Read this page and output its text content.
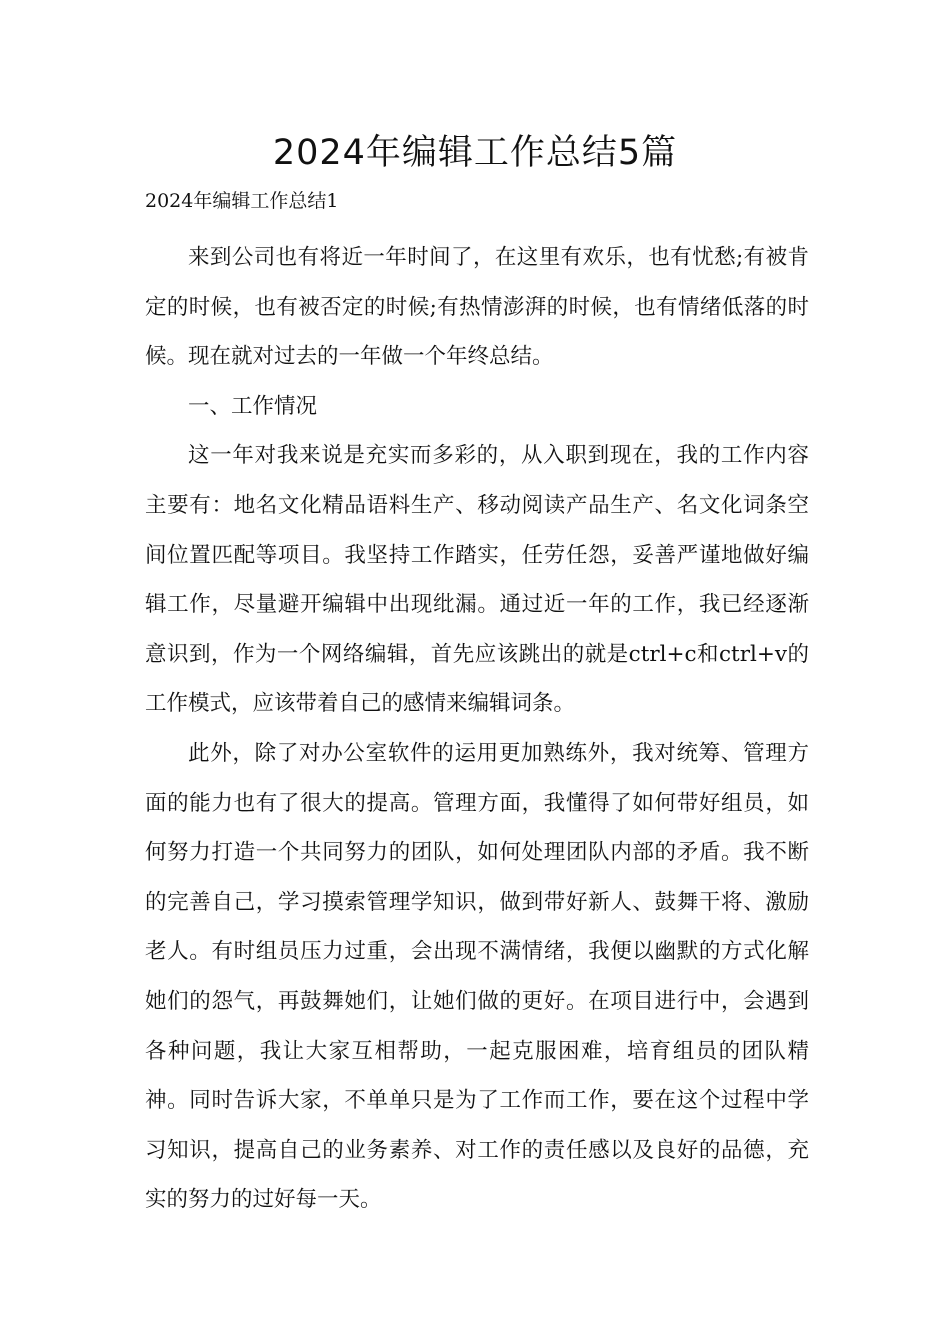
2024年编辑工作总结5篇
2024年编辑工作总结1

来到公司也有将近一年时间了，在这里有欢乐，也有忧愁;有被肯定的时候，也有被否定的时候;有热情澎湃的时候，也有情绪低落的时候。现在就对过去的一年做一个年终总结。

一、工作情况

这一年对我来说是充实而多彩的，从入职到现在，我的工作内容主要有：地名文化精品语料生产、移动阅读产品生产、名文化词条空间位置匹配等项目。我坚持工作踏实，任劳任怨，妥善严谨地做好编辑工作，尽量避开编辑中出现纰漏。通过近一年的工作，我已经逐渐意识到，作为一个网络编辑，首先应该跳出的就是ctrl+c和ctrl+v的工作模式，应该带着自己的感情来编辑词条。

此外，除了对办公室软件的运用更加熟练外，我对统筹、管理方面的能力也有了很大的提高。管理方面，我懂得了如何带好组员，如何努力打造一个共同努力的团队，如何处理团队内部的矛盾。我不断的完善自己，学习摸索管理学知识，做到带好新人、鼓舞干将、激励老人。有时组员压力过重，会出现不满情绪，我便以幽默的方式化解她们的怨气，再鼓舞她们，让她们做的更好。在项目进行中，会遇到各种问题，我让大家互相帮助，一起克服困难，培育组员的团队精神。同时告诉大家，不单单只是为了工作而工作，要在这个过程中学习知识，提高自己的业务素养、对工作的责任感以及良好的品德，充实的努力的过好每一天。
